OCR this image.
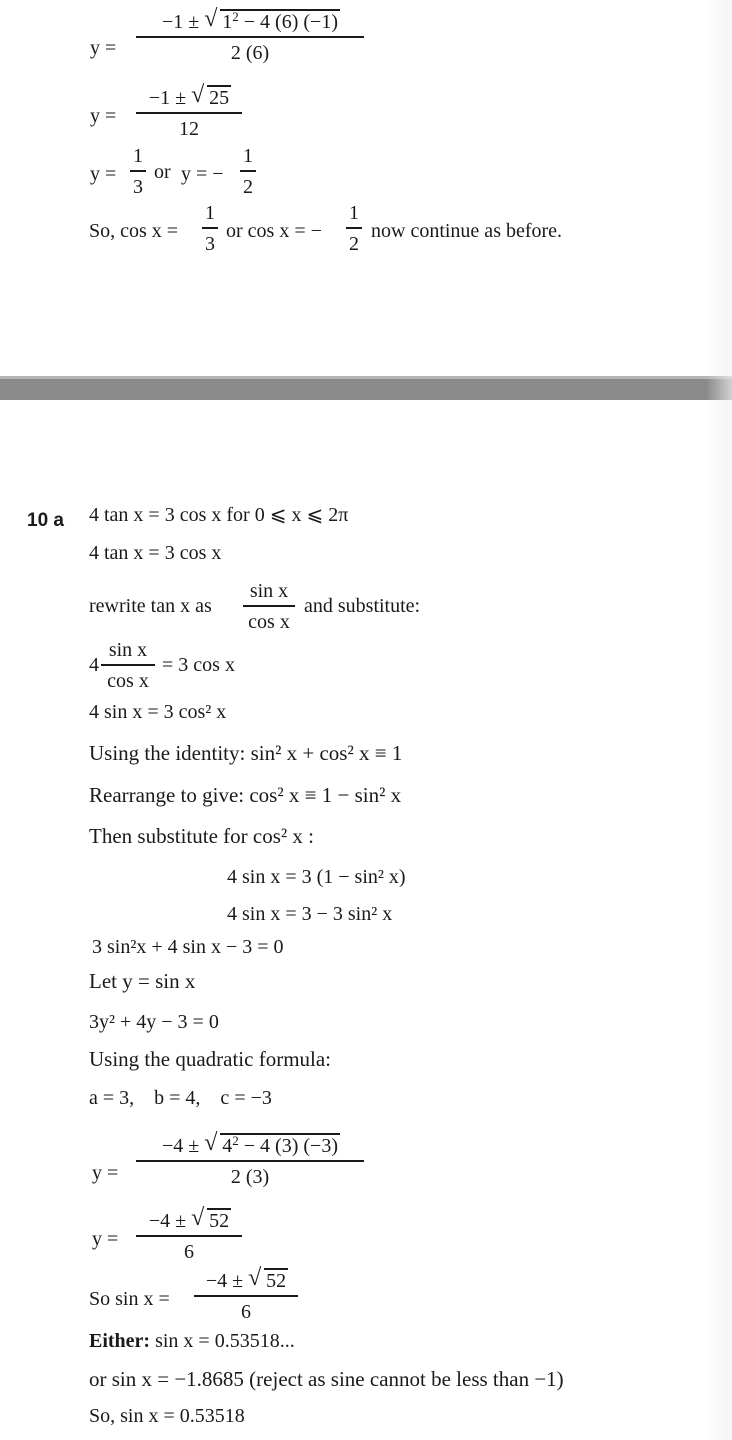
y =
−1 ± √ $1^2 - 4$ (6) (−1)
2 (6)
y =
−1 ± √ 25
12
y =
1
3
or y = −
1
2
So, cos x =
1
3
or cos x = −
1
2
now continue as before.
10 a 4 tan x = 3 cos x for 0 ⩽ x ⩽ 2π
4 tan x = 3 cos x
rewrite tan x as
sin x
cos x
and substitute:
4
sin x
cos x
= 3 cos x
4 sin x = 3 cos² x
Using the identity: sin² x + cos² x ≡ 1
Rearrange to give: cos² x ≡ 1 − sin² x
Then substitute for cos² x :
4 sin x = 3 (1 − sin² x)
4 sin x = 3 − 3 sin² x
3 sin²x + 4 sin x − 3 = 0
Let y = sin x
3y² + 4y − 3 = 0
Using the quadratic formula:
a = 3,    b = 4,    c = −3
y =
−4 ± √ $4^2 - 4$ (3) (−3)
2 (3)
y =
−4 ± √ 52
6
So sin x =
−4 ± √ 52
6
Either: sin x = 0.53518...
or sin x = −1.8685 (reject as sine cannot be less than −1)
So, sin x = 0.53518
